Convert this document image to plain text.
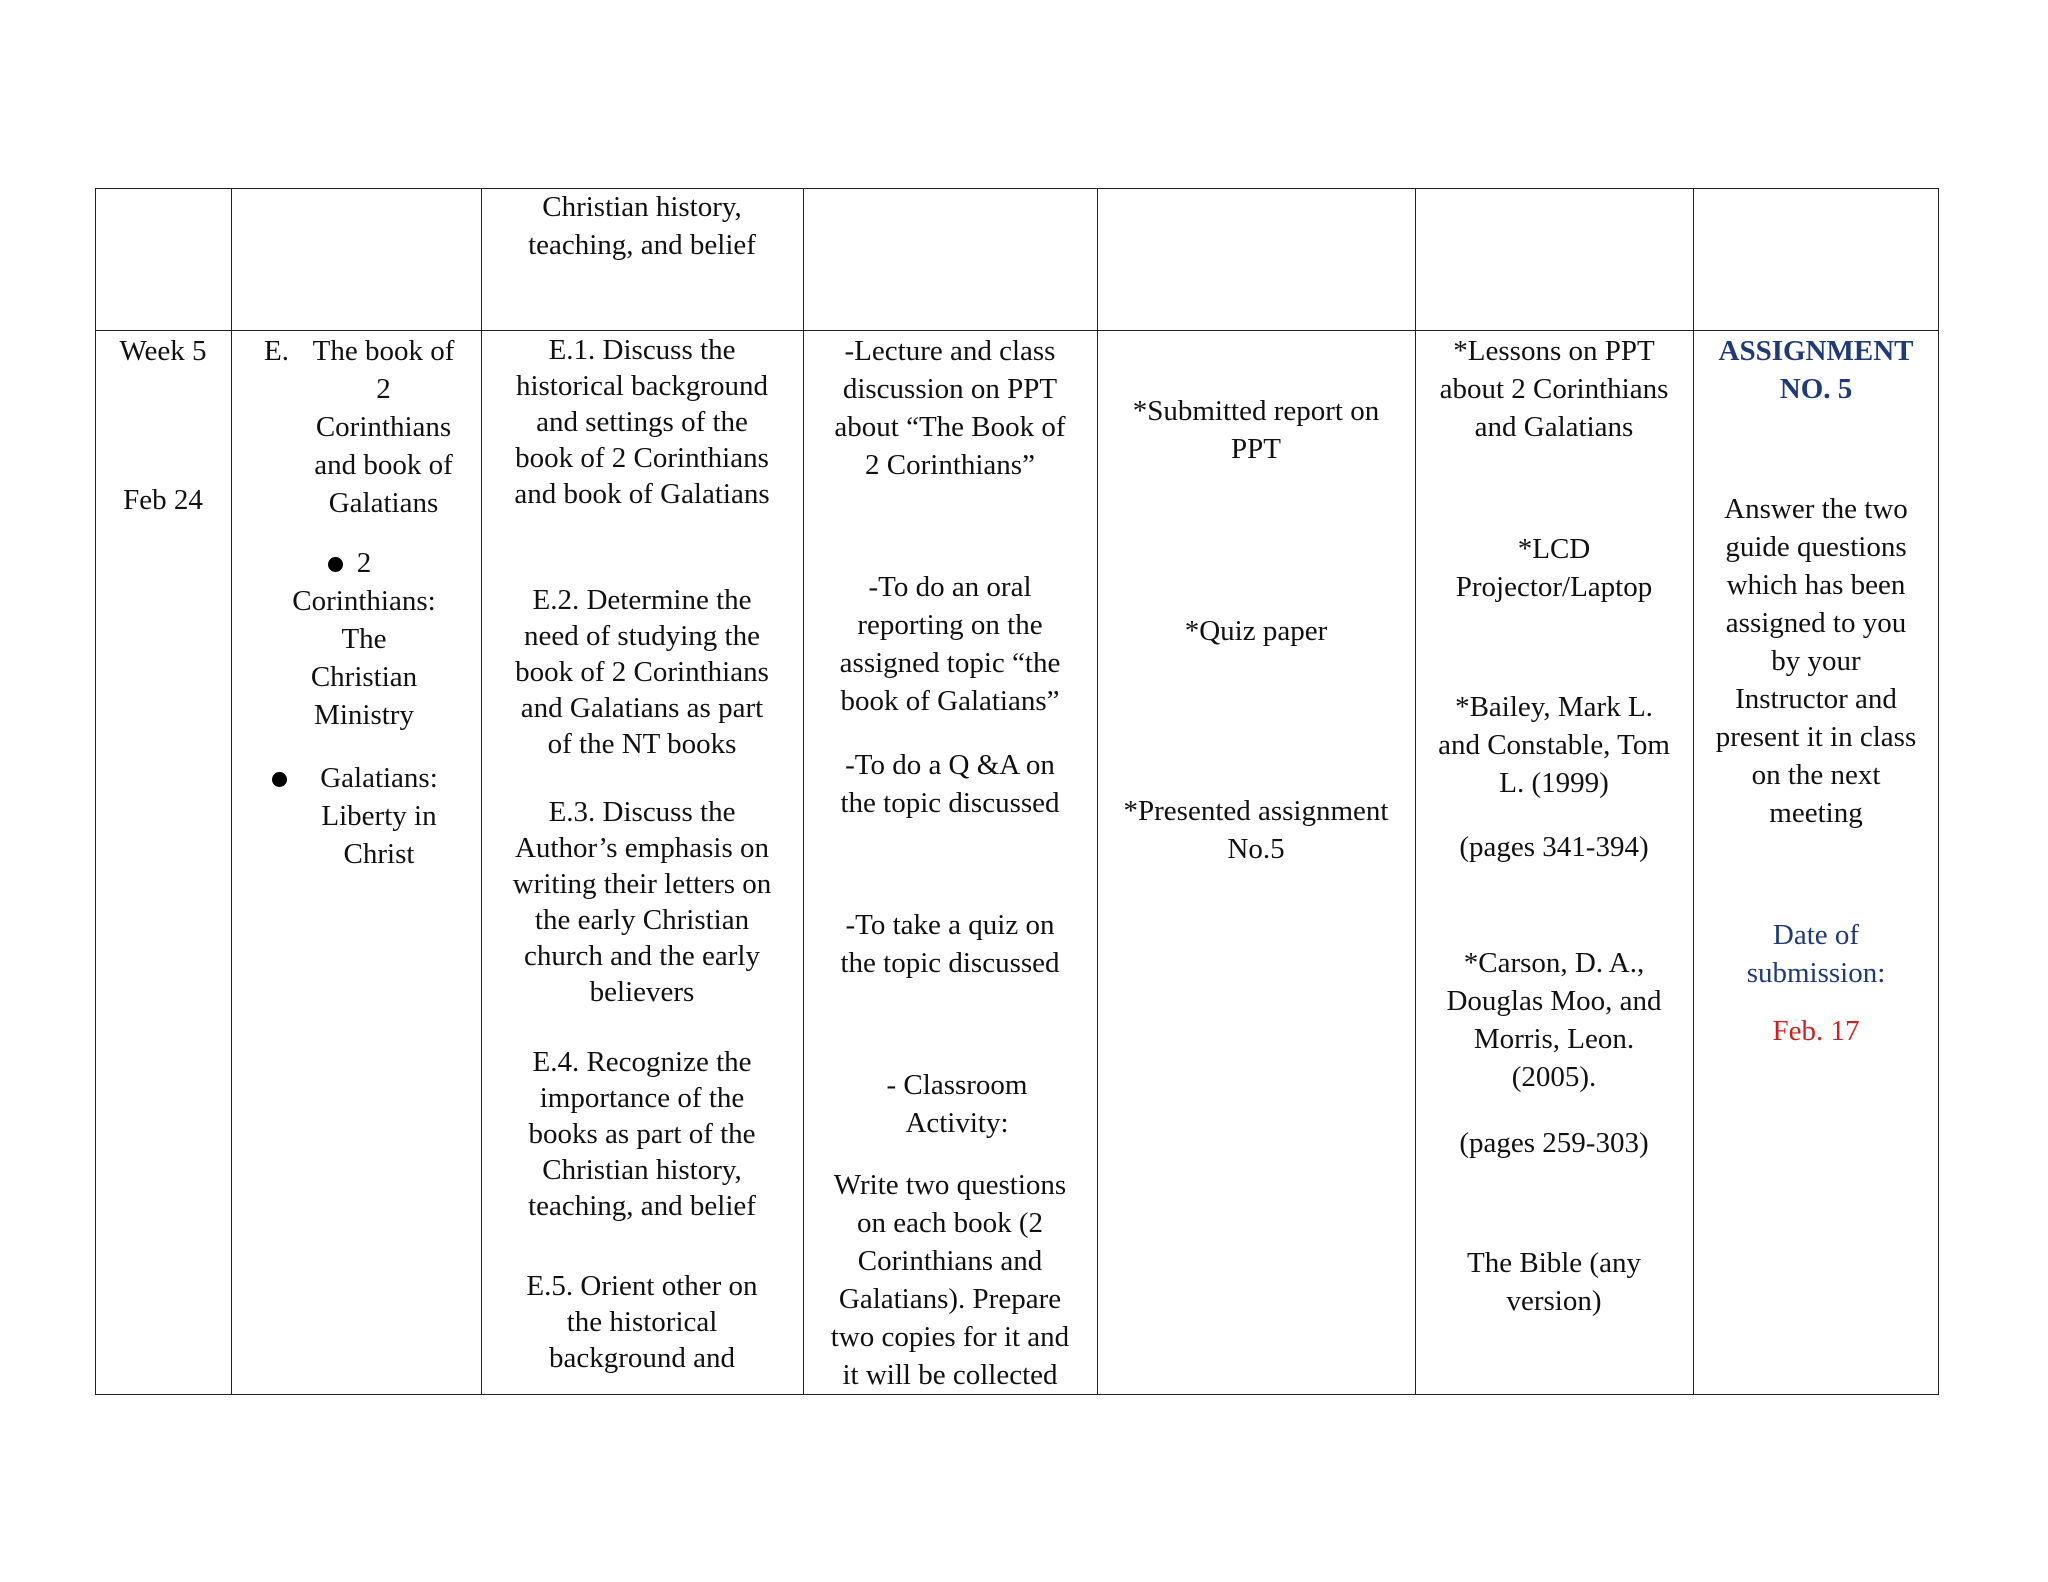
Christian history,

teaching, and belief

Week 5

Feb 24

E. The book of

2

Corinthians

and book of

Galatians

2

Corinthians:

The

Christian

Ministry

Galatians:

Liberty in

Christ

E.1. Discuss the

historical background

and settings of the

book of 2 Corinthians

and book of Galatians

E.2. Determine the

need of studying the

book of 2 Corinthians

and Galatians as part

of the NT books

E.3. Discuss the

Author’s emphasis on

writing their letters on

the early Christian

church and the early

believers

E.4. Recognize the

importance of the

books as part of the

Christian history,

teaching, and belief

E.5. Orient other on

the historical

background and

-Lecture and class

discussion on PPT

about “The Book of

2 Corinthians”

-To do an oral

reporting on the

assigned topic “the

book of Galatians”

-To do a Q &A on

the topic discussed

-To take a quiz on

the topic discussed

- Classroom

Activity:

Write two questions

on each book (2

Corinthians and

Galatians). Prepare

two copies for it and

it will be collected

*Submitted report on

PPT

*Quiz paper

*Presented assignment

No.5

*Lessons on PPT

about 2 Corinthians

and Galatians

*LCD

Projector/Laptop

*Bailey, Mark L.

and Constable, Tom

L. (1999)

(pages 341-394)

*Carson, D. A.,

Douglas Moo, and

Morris, Leon.

(2005).

(pages 259-303)

The Bible (any

version)

ASSIGNMENT

NO. 5

Answer the two

guide questions

which has been

assigned to you

by your

Instructor and

present it in class

on the next

meeting

Date of

submission:

Feb. 17
